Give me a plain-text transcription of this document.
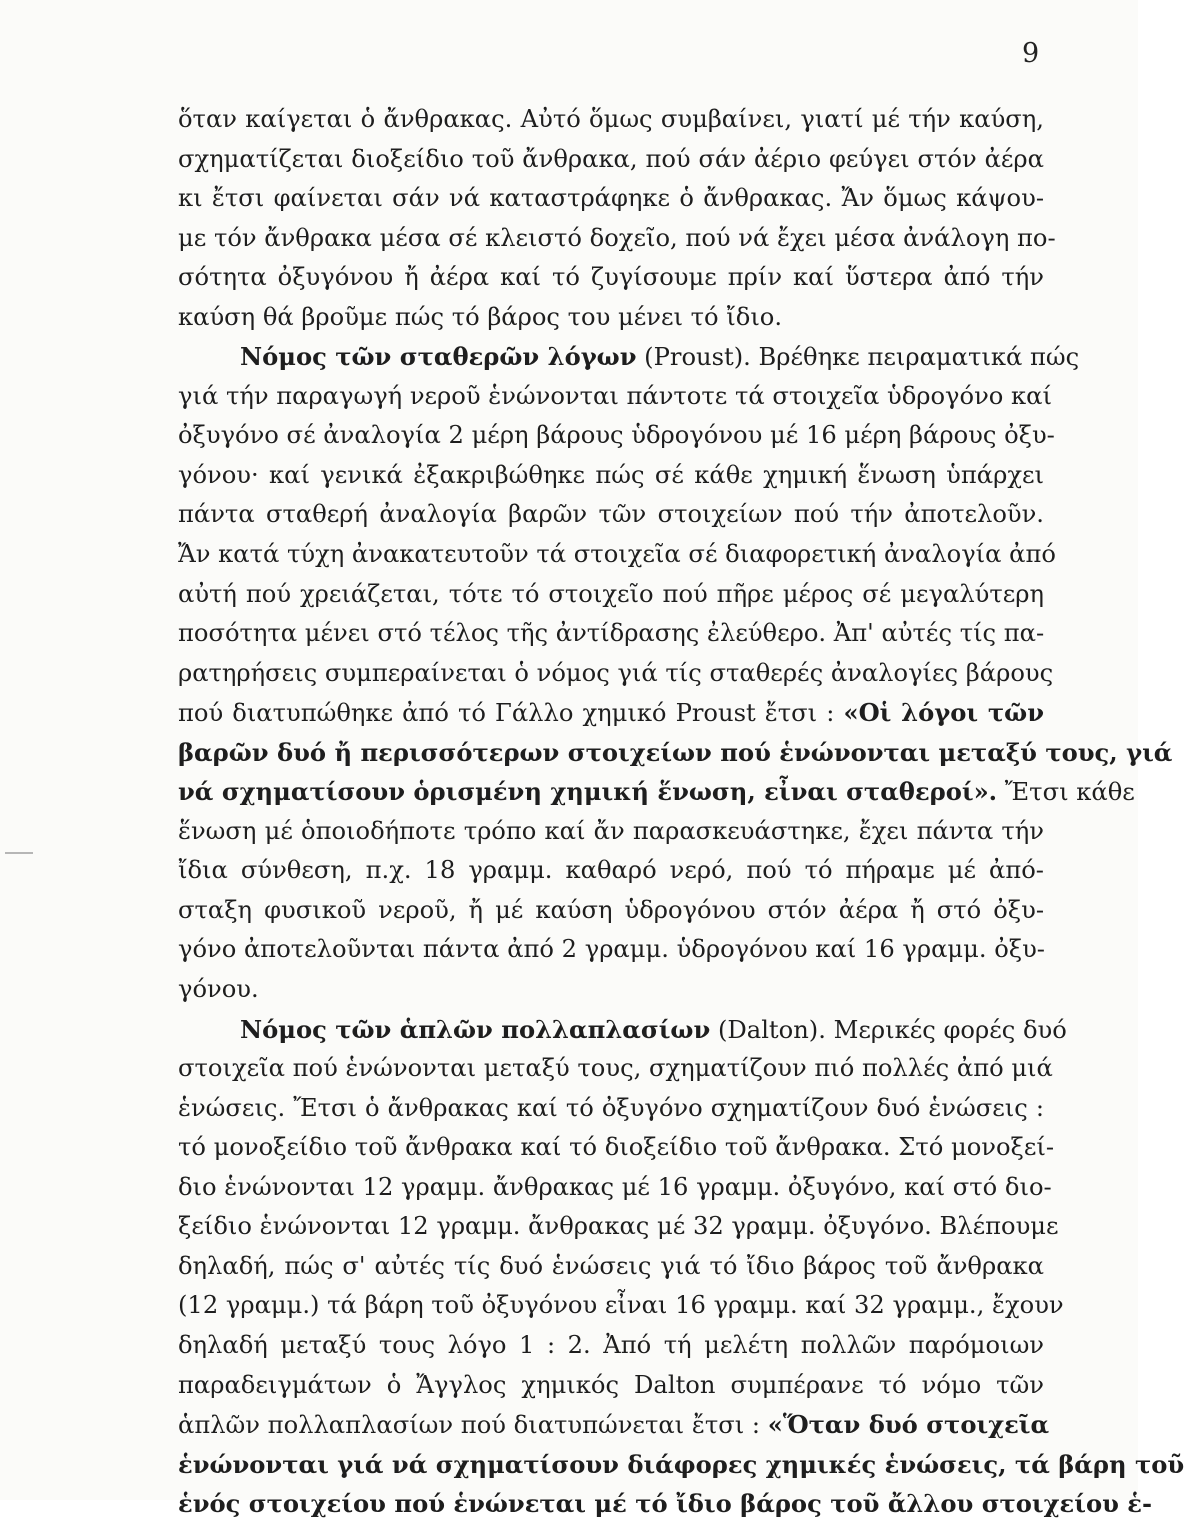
9
ὅταν καίγεται ὁ ἄνθρακας. Αὐτό ὅμως συμβαίνει, γιατί μέ τήν καύση,
σχηματίζεται διοξείδιο τοῦ ἄνθρακα, πού σάν ἀέριο φεύγει στόν ἀέρα
κι ἔτσι φαίνεται σάν νά καταστράφηκε ὁ ἄνθρακας. Ἄν ὅμως κάψου-
με τόν ἄνθρακα μέσα σέ κλειστό δοχεῖο, πού νά ἔχει μέσα ἀνάλογη πο-
σότητα ὀξυγόνου ἤ ἀέρα καί τό ζυγίσουμε πρίν καί ὕστερα ἀπό τήν
καύση θά βροῦμε πώς τό βάρος του μένει τό ἴδιο.
Νόμος τῶν σταθερῶν λόγων (Proust). Βρέθηκε πειραματικά πώς
γιά τήν παραγωγή νεροῦ ἑνώνονται πάντοτε τά στοιχεῖα ὑδρογόνο καί
ὀξυγόνο σέ ἀναλογία 2 μέρη βάρους ὑδρογόνου μέ 16 μέρη βάρους ὀξυ-
γόνου· καί γενικά ἐξακριβώθηκε πώς σέ κάθε χημική ἕνωση ὑπάρχει
πάντα σταθερή ἀναλογία βαρῶν τῶν στοιχείων πού τήν ἀποτελοῦν.
Ἄν κατά τύχη ἀνακατευτοῦν τά στοιχεῖα σέ διαφορετική ἀναλογία ἀπό
αὐτή πού χρειάζεται, τότε τό στοιχεῖο πού πῆρε μέρος σέ μεγαλύτερη
ποσότητα μένει στό τέλος τῆς ἀντίδρασης ἐλεύθερο. Ἀπ' αὐτές τίς πα-
ρατηρήσεις συμπεραίνεται ὁ νόμος γιά τίς σταθερές ἀναλογίες βάρους
πού διατυπώθηκε ἀπό τό Γάλλο χημικό Proust ἔτσι : «Οἱ λόγοι τῶν
βαρῶν δυό ἤ περισσότερων στοιχείων πού ἑνώνονται μεταξύ τους, γιά
νά σχηματίσουν ὁρισμένη χημική ἕνωση, εἶναι σταθεροί». Ἔτσι κάθε
ἕνωση μέ ὁποιοδήποτε τρόπο καί ἄν παρασκευάστηκε, ἔχει πάντα τήν
ἴδια σύνθεση, π.χ. 18 γραμμ. καθαρό νερό, πού τό πήραμε μέ ἀπό-
σταξη φυσικοῦ νεροῦ, ἤ μέ καύση ὑδρογόνου στόν ἀέρα ἤ στό ὀξυ-
γόνο ἀποτελοῦνται πάντα ἀπό 2 γραμμ. ὑδρογόνου καί 16 γραμμ. ὀξυ-
γόνου.
Νόμος τῶν ἁπλῶν πολλαπλασίων (Dalton). Μερικές φορές δυό
στοιχεῖα πού ἑνώνονται μεταξύ τους, σχηματίζουν πιό πολλές ἀπό μιά
ἑνώσεις. Ἔτσι ὁ ἄνθρακας καί τό ὀξυγόνο σχηματίζουν δυό ἑνώσεις :
τό μονοξείδιο τοῦ ἄνθρακα καί τό διοξείδιο τοῦ ἄνθρακα. Στό μονοξεί-
διο ἑνώνονται 12 γραμμ. ἄνθρακας μέ 16 γραμμ. ὀξυγόνο, καί στό διο-
ξείδιο ἑνώνονται 12 γραμμ. ἄνθρακας μέ 32 γραμμ. ὀξυγόνο. Βλέπουμε
δηλαδή, πώς σ' αὐτές τίς δυό ἑνώσεις γιά τό ἴδιο βάρος τοῦ ἄνθρακα
(12 γραμμ.) τά βάρη τοῦ ὀξυγόνου εἶναι 16 γραμμ. καί 32 γραμμ., ἔχουν
δηλαδή μεταξύ τους λόγο 1 : 2. Ἀπό τή μελέτη πολλῶν παρόμοιων
παραδειγμάτων ὁ Ἄγγλος χημικός Dalton συμπέρανε τό νόμο τῶν
ἁπλῶν πολλαπλασίων πού διατυπώνεται ἔτσι : «Ὅταν δυό στοιχεῖα
ἑνώνονται γιά νά σχηματίσουν διάφορες χημικές ἑνώσεις, τά βάρη τοῦ
ἑνός στοιχείου πού ἑνώνεται μέ τό ἴδιο βάρος τοῦ ἄλλου στοιχείου ἑ-
